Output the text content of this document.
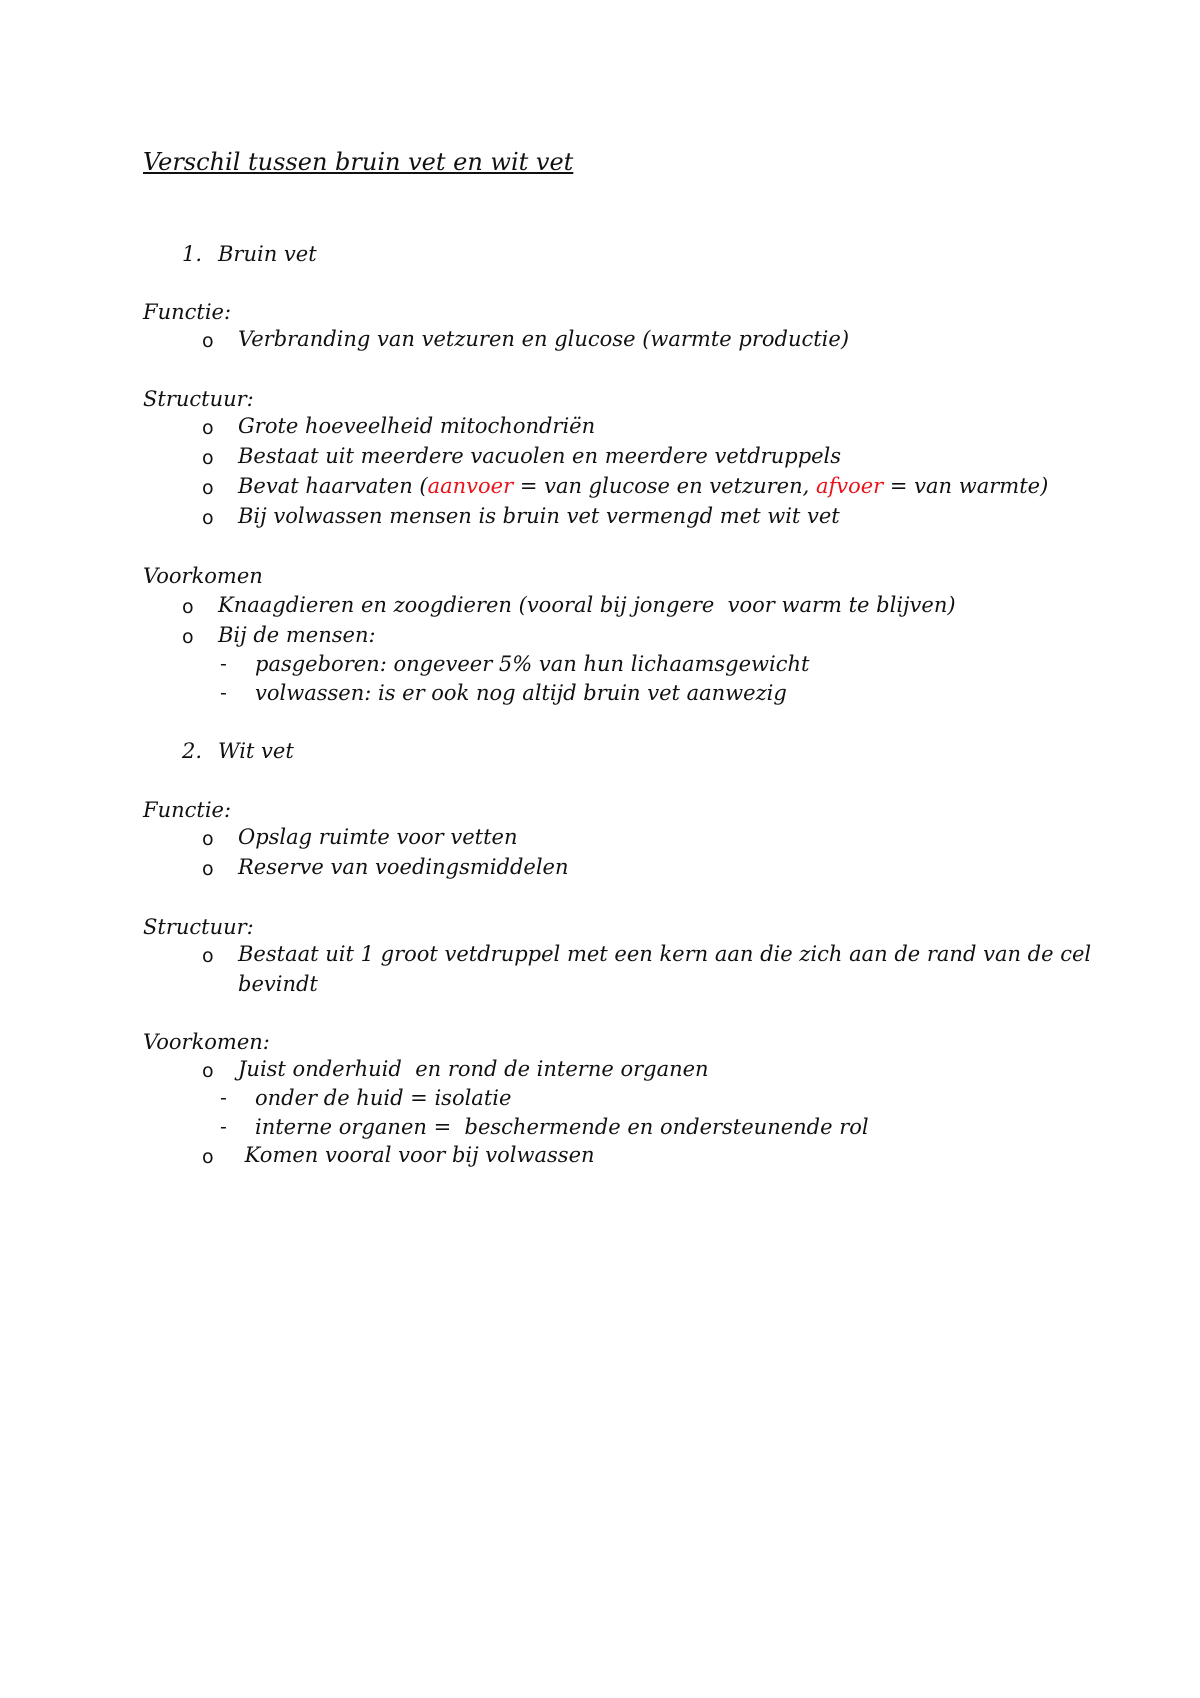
Verschil tussen bruin vet en wit vet
1. Bruin vet
Functie:
o Verbranding van vetzuren en glucose (warmte productie)
Structuur:
o Grote hoeveelheid mitochondriën
o Bestaat uit meerdere vacuolen en meerdere vetdruppels
o Bevat haarvaten (aanvoer = van glucose en vetzuren, afvoer = van warmte)
o Bij volwassen mensen is bruin vet vermengd met wit vet
Voorkomen
o Knaagdieren en zoogdieren (vooral bij jongere  voor warm te blijven)
o Bij de mensen:
- pasgeboren: ongeveer 5% van hun lichaamsgewicht
- volwassen: is er ook nog altijd bruin vet aanwezig
2. Wit vet
Functie:
o Opslag ruimte voor vetten
o Reserve van voedingsmiddelen
Structuur:
o Bestaat uit 1 groot vetdruppel met een kern aan die zich aan de rand van de cel
bevindt
Voorkomen:
o Juist onderhuid  en rond de interne organen
- onder de huid = isolatie
- interne organen =  beschermende en ondersteunende rol
o Komen vooral voor bij volwassen
